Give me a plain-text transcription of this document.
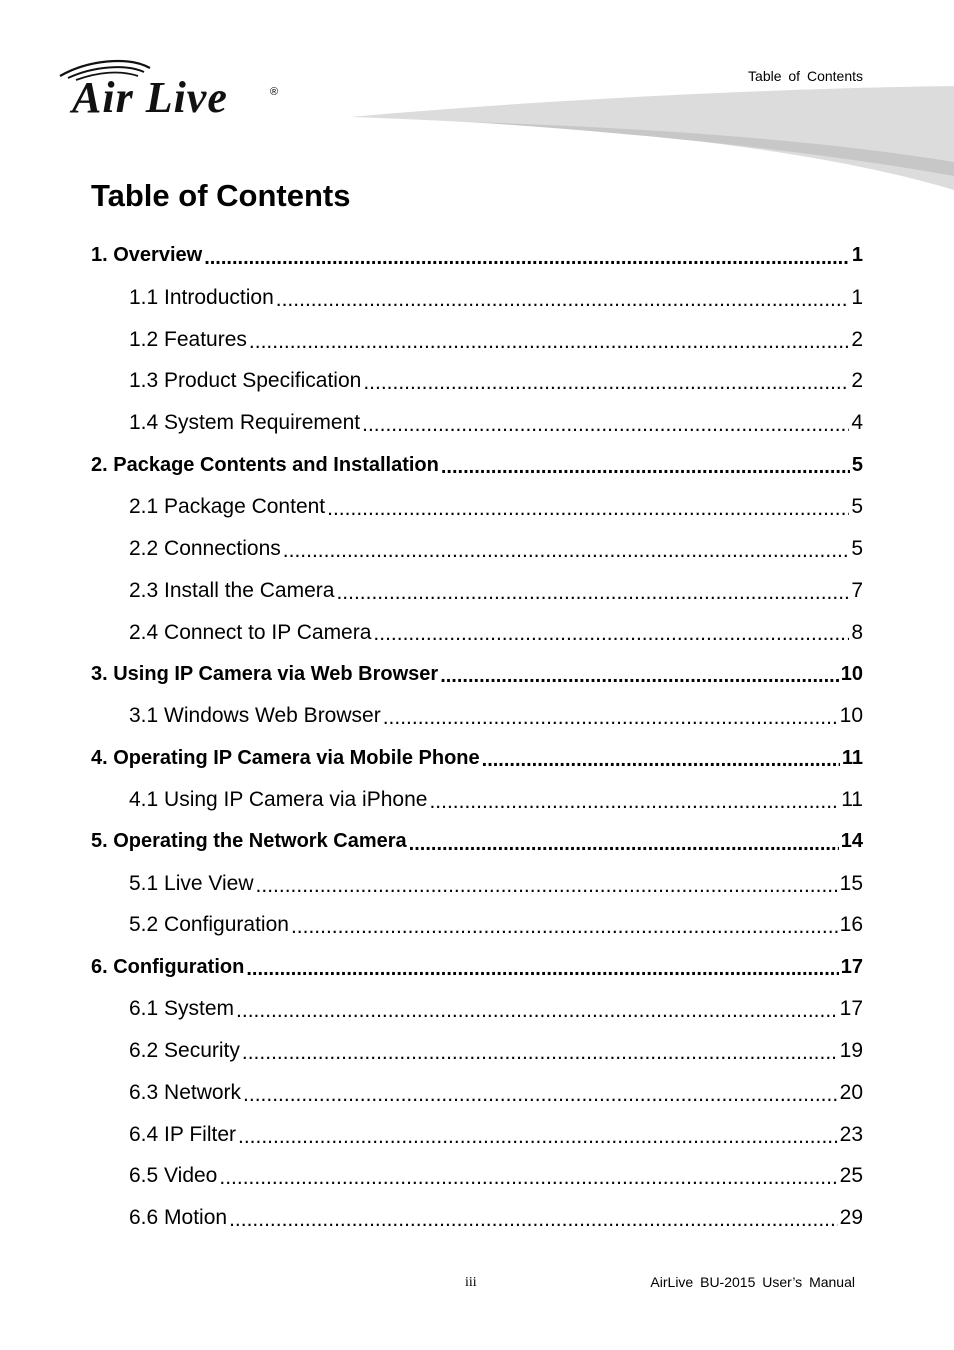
Air Live	®
Table of Contents
Table of Contents
1. Overview .....	1
1.1 Introduction .....	1
1.2 Features .....	2
1.3 Product Specification .....	2
1.4 System Requirement .....	4
2. Package Contents and Installation .....	5
2.1 Package Content .....	5
2.2 Connections .....	5
2.3 Install the Camera .....	7
2.4 Connect to IP Camera .....	8
3. Using IP Camera via Web Browser .....	10
3.1 Windows Web Browser .....	10
4. Operating IP Camera via Mobile Phone .....	11
4.1 Using IP Camera via iPhone .....	11
5. Operating the Network Camera .....	14
5.1 Live View .....	15
5.2 Configuration .....	16
6. Configuration .....	17
6.1 System .....	17
6.2 Security .....	19
6.3 Network .....	20
6.4 IP Filter .....	23
6.5 Video .....	25
6.6 Motion .....	29
iii	AirLive BU-2015 User’s Manual
